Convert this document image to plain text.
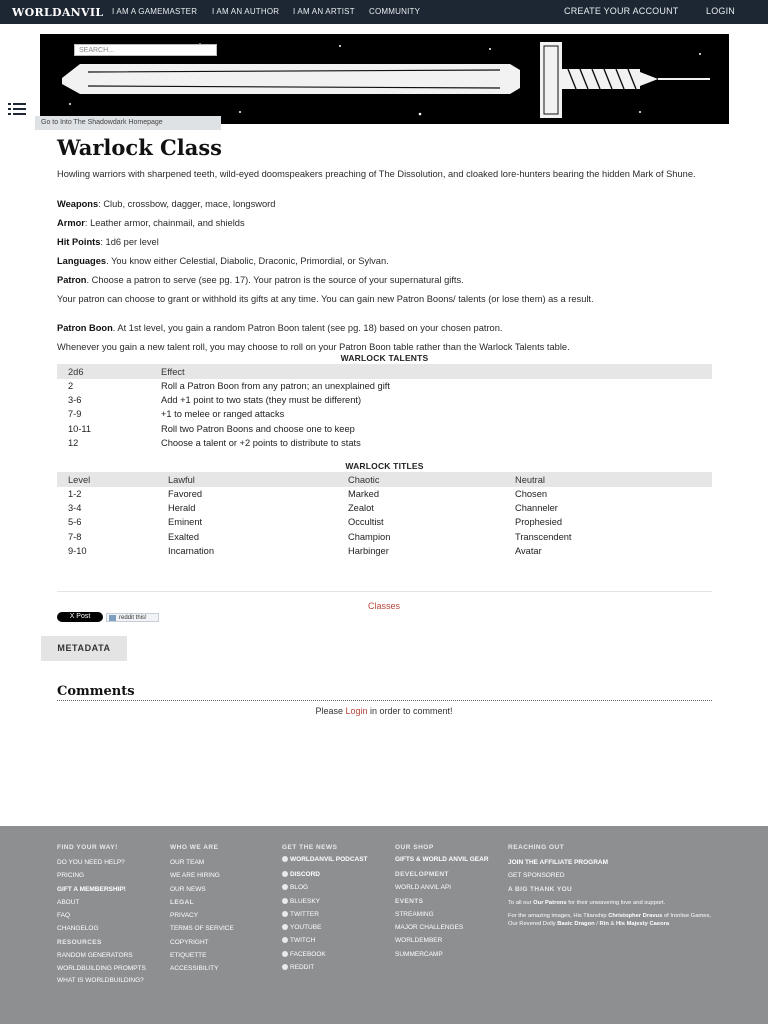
WORLDANVIL I AM A GAMEMASTER I AM AN AUTHOR I AM AN ARTIST COMMUNITY	CREATE YOUR ACCOUNT	LOGIN
SEARCH...
Go to Into The Shadowdark Homepage
Warlock Class
Howling warriors with sharpened teeth, wild-eyed doomspeakers preaching of The Dissolution, and cloaked lore-hunters bearing the hidden Mark of Shune.
Weapons: Club, crossbow, dagger, mace, longsword
Armor: Leather armor, chainmail, and shields
Hit Points: 1d6 per level
Languages. You know either Celestial, Diabolic, Draconic, Primordial, or Sylvan.
Patron. Choose a patron to serve (see pg. 17). Your patron is the source of your supernatural gifts.
Your patron can choose to grant or withhold its gifts at any time. You can gain new Patron Boons/ talents (or lose them) as a result.
Patron Boon. At 1st level, you gain a random Patron Boon talent (see pg. 18) based on your chosen patron.
Whenever you gain a new talent roll, you may choose to roll on your Patron Boon table rather than the Warlock Talents table.
WARLOCK TALENTS
2d6	Effect
2	Roll a Patron Boon from any patron; an unexplained gift
3-6	Add +1 point to two stats (they must be different)
7-9	+1 to melee or ranged attacks
10-11	Roll two Patron Boons and choose one to keep
12	Choose a talent or +2 points to distribute to stats
WARLOCK TITLES
Level	Lawful	Chaotic	Neutral
1-2	Favored	Marked	Chosen
3-4	Herald	Zealot	Channeler
5-6	Eminent	Occultist	Prophesied
7-8	Exalted	Champion	Transcendent
9-10	Incarnation	Harbinger	Avatar
Classes
X Post	reddit this!
METADATA
Comments
Please Login in order to comment!
FIND YOUR WAY!
DO YOU NEED HELP?
PRICING
GIFT A MEMBERSHIP!
ABOUT
FAQ
CHANGELOG
RESOURCES
RANDOM GENERATORS
WORLDBUILDING PROMPTS
WHAT IS WORLDBUILDING?
WHO WE ARE
OUR TEAM
WE ARE HIRING
OUR NEWS
LEGAL
PRIVACY
TERMS OF SERVICE
COPYRIGHT
ETIQUETTE
ACCESSIBILITY
GET THE NEWS
WORLDANVIL PODCAST
DISCORD
BLOG
BLUESKY
TWITTER
YOUTUBE
TWITCH
FACEBOOK
REDDIT
OUR SHOP
GIFTS & WORLD ANVIL GEAR
DEVELOPMENT
WORLD ANVIL API
EVENTS
STREAMING
MAJOR CHALLENGES
WORLDEMBER
SUMMERCAMP
REACHING OUT
JOIN THE AFFILIATE PROGRAM
GET SPONSORED
A BIG THANK YOU
To all our Our Patrons for their unwavering love and support.
For the amazing images, His Titanship Christopher Dravus of Ironlise Games, Our Revered Dolly Basic Dragon / Rin & His Majesty Caeora
